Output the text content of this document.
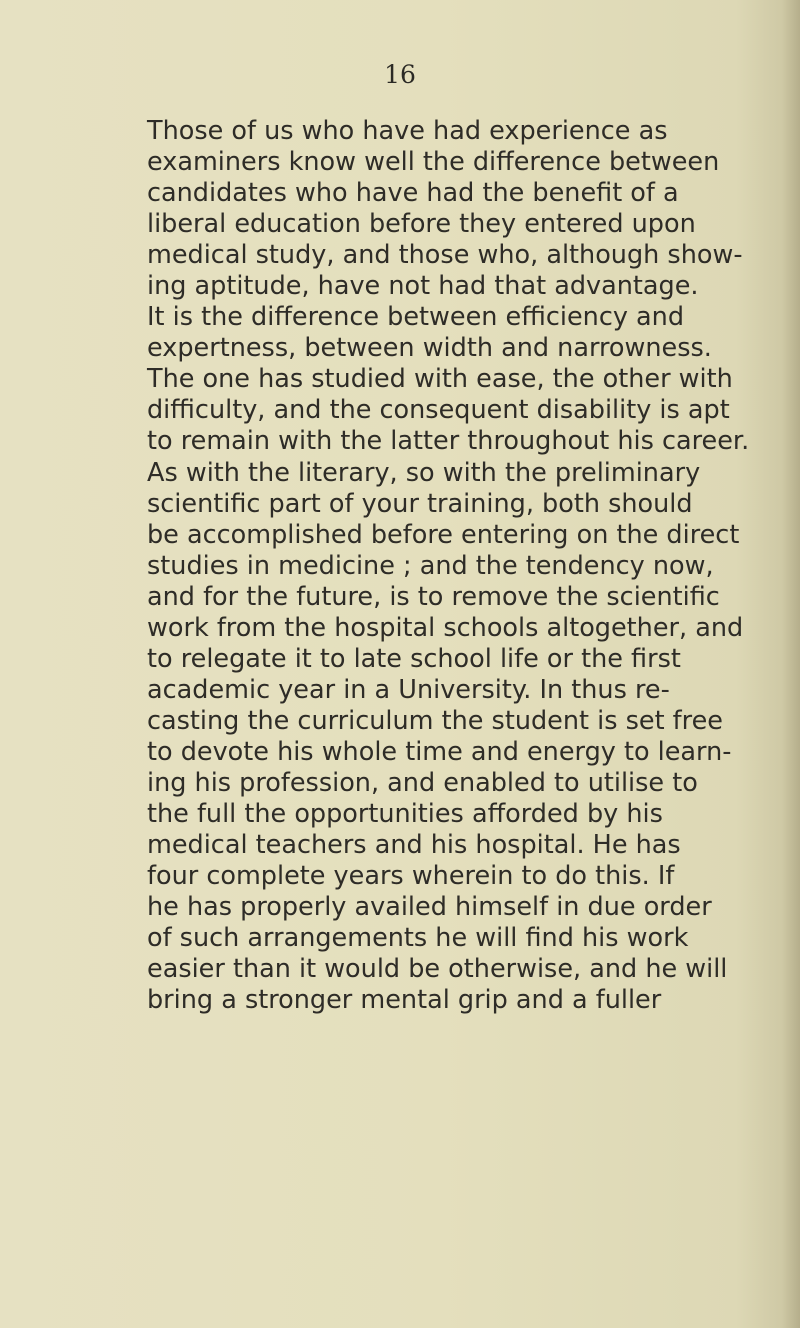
16

Those of us who have had experience as
examiners know well the difference between
candidates who have had the benefit of a
liberal education before they entered upon
medical study, and those who, although show-
ing aptitude, have not had that advantage.
It is the difference between efficiency and
expertness, between width and narrowness.
The one has studied with ease, the other with
difficulty, and the consequent disability is apt
to remain with the latter throughout his career.
As with the literary, so with the preliminary
scientific part of your training, both should
be accomplished before entering on the direct
studies in medicine ; and the tendency now,
and for the future, is to remove the scientific
work from the hospital schools altogether, and
to relegate it to late school life or the first
academic year in a University. In thus re-
casting the curriculum the student is set free
to devote his whole time and energy to learn-
ing his profession, and enabled to utilise to
the full the opportunities afforded by his
medical teachers and his hospital. He has
four complete years wherein to do this. If
he has properly availed himself in due order
of such arrangements he will find his work
easier than it would be otherwise, and he will
bring a stronger mental grip and a fuller
